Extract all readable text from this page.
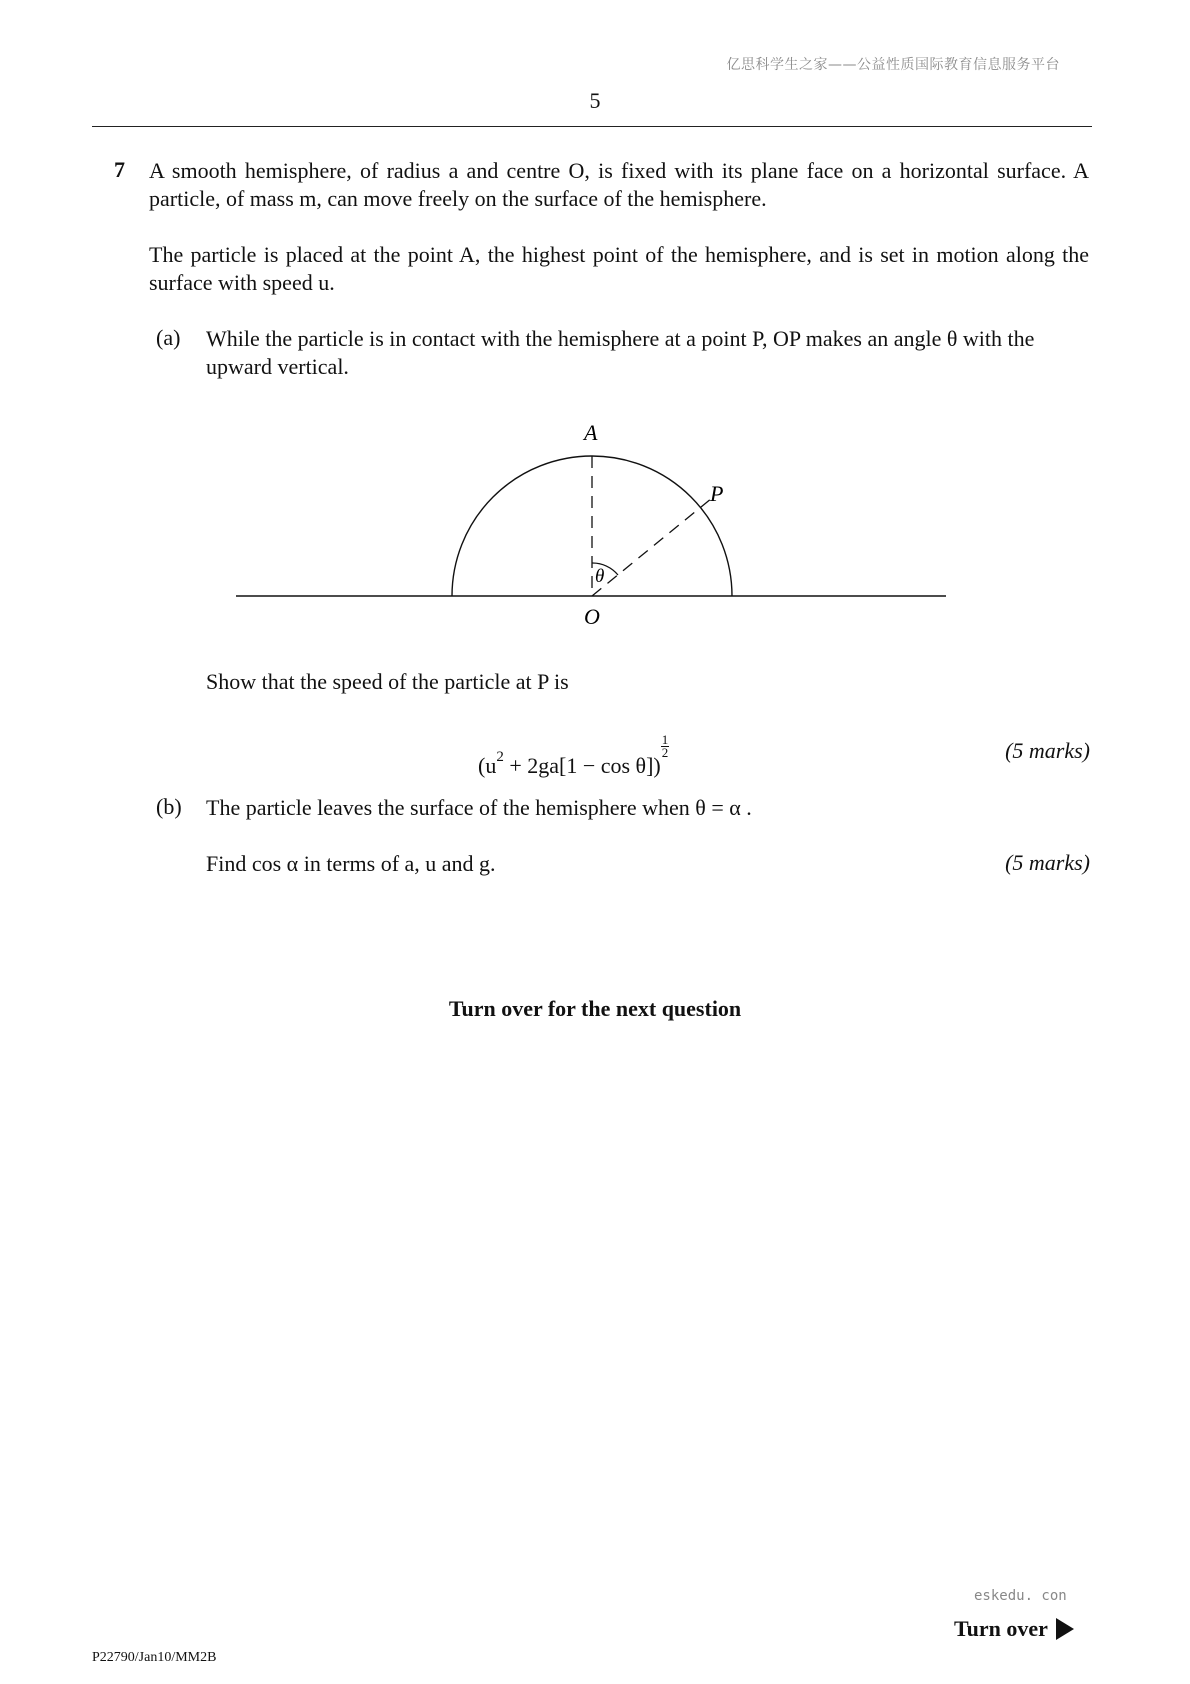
亿思科学生之家——公益性质国际教育信息服务平台
5
7 A smooth hemisphere, of radius a and centre O, is fixed with its plane face on a horizontal surface. A particle, of mass m, can move freely on the surface of the hemisphere.
The particle is placed at the point A, the highest point of the hemisphere, and is set in motion along the surface with speed u.
(a) While the particle is in contact with the hemisphere at a point P, OP makes an angle θ with the upward vertical.
A
P
O
θ
Show that the speed of the particle at P is
$(u^2 + 2ga[1 - \cos \theta])$
$\frac{1}{2}$	(5 marks)
(b) The particle leaves the surface of the hemisphere when θ = α .
Find cos α in terms of a, u and g.	(5 marks)
Turn over for the next question
eskedu. con
Turn over
P22790/Jan10/MM2B
